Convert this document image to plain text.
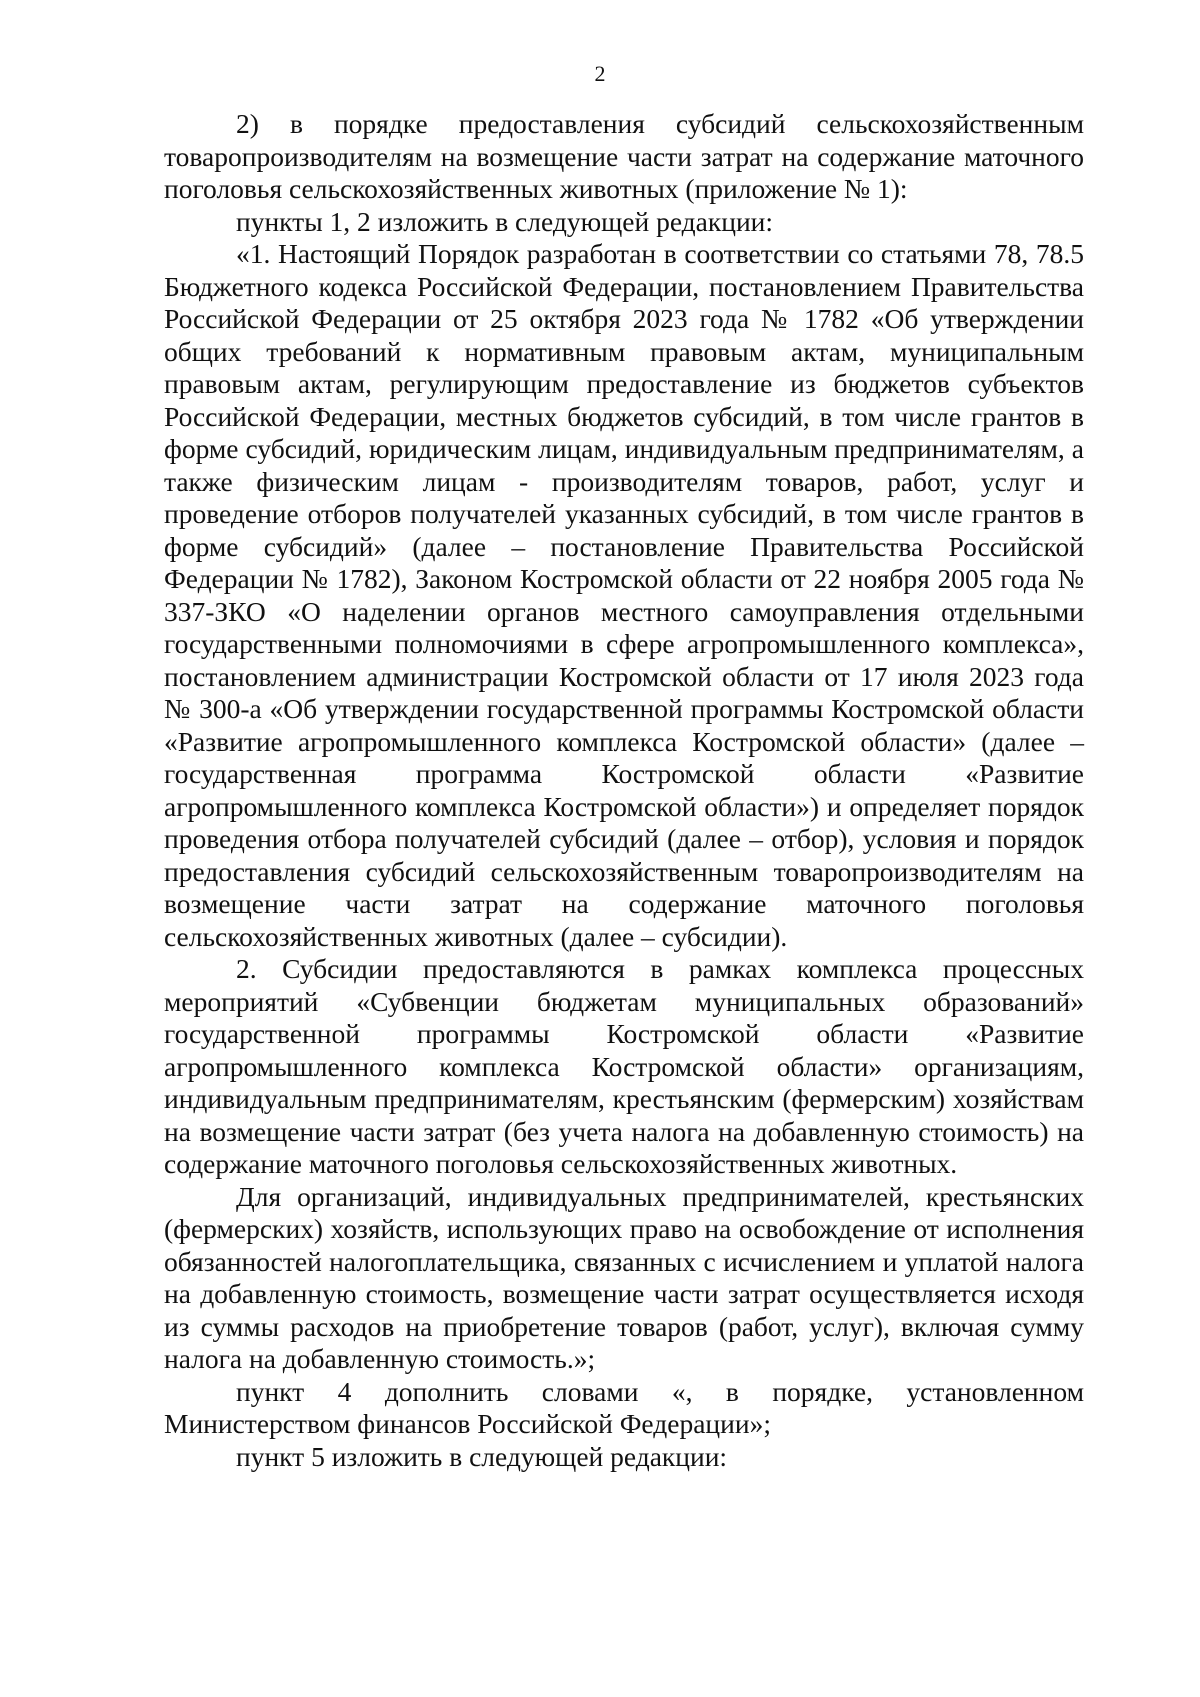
2

2) в порядке предоставления субсидий сельскохозяйственным товаропроизводителям на возмещение части затрат на содержание маточного поголовья сельскохозяйственных животных (приложение № 1):

пункты 1, 2 изложить в следующей редакции:

«1. Настоящий Порядок разработан в соответствии со статьями 78, 78.5 Бюджетного кодекса Российской Федерации, постановлением Правительства Российской Федерации от 25 октября 2023 года № 1782 «Об утверждении общих требований к нормативным правовым актам, муниципальным правовым актам, регулирующим предоставление из бюджетов субъектов Российской Федерации, местных бюджетов субсидий, в том числе грантов в форме субсидий, юридическим лицам, индивидуальным предпринимателям, а также физическим лицам - производителям товаров, работ, услуг и проведение отборов получателей указанных субсидий, в том числе грантов в форме субсидий» (далее – постановление Правительства Российской Федерации № 1782), Законом Костромской области от 22 ноября 2005 года № 337-ЗКО «О наделении органов местного самоуправления отдельными государственными полномочиями в сфере агропромышленного комплекса», постановлением администрации Костромской области от 17 июля 2023 года № 300-а «Об утверждении государственной программы Костромской области «Развитие агропромышленного комплекса Костромской области» (далее – государственная программа Костромской области «Развитие агропромышленного комплекса Костромской области») и определяет порядок проведения отбора получателей субсидий (далее – отбор), условия и порядок предоставления субсидий сельскохозяйственным товаропроизводителям на возмещение части затрат на содержание маточного поголовья сельскохозяйственных животных (далее – субсидии).

2. Субсидии предоставляются в рамках комплекса процессных мероприятий «Субвенции бюджетам муниципальных образований» государственной программы Костромской области «Развитие агропромышленного комплекса Костромской области» организациям, индивидуальным предпринимателям, крестьянским (фермерским) хозяйствам на возмещение части затрат (без учета налога на добавленную стоимость) на содержание маточного поголовья сельскохозяйственных животных.

Для организаций, индивидуальных предпринимателей, крестьянских (фермерских) хозяйств, использующих право на освобождение от исполнения обязанностей налогоплательщика, связанных с исчислением и уплатой налога на добавленную стоимость, возмещение части затрат осуществляется исходя из суммы расходов на приобретение товаров (работ, услуг), включая сумму налога на добавленную стоимость.»;

пункт 4 дополнить словами «, в порядке, установленном Министерством финансов Российской Федерации»;

пункт 5 изложить в следующей редакции:
